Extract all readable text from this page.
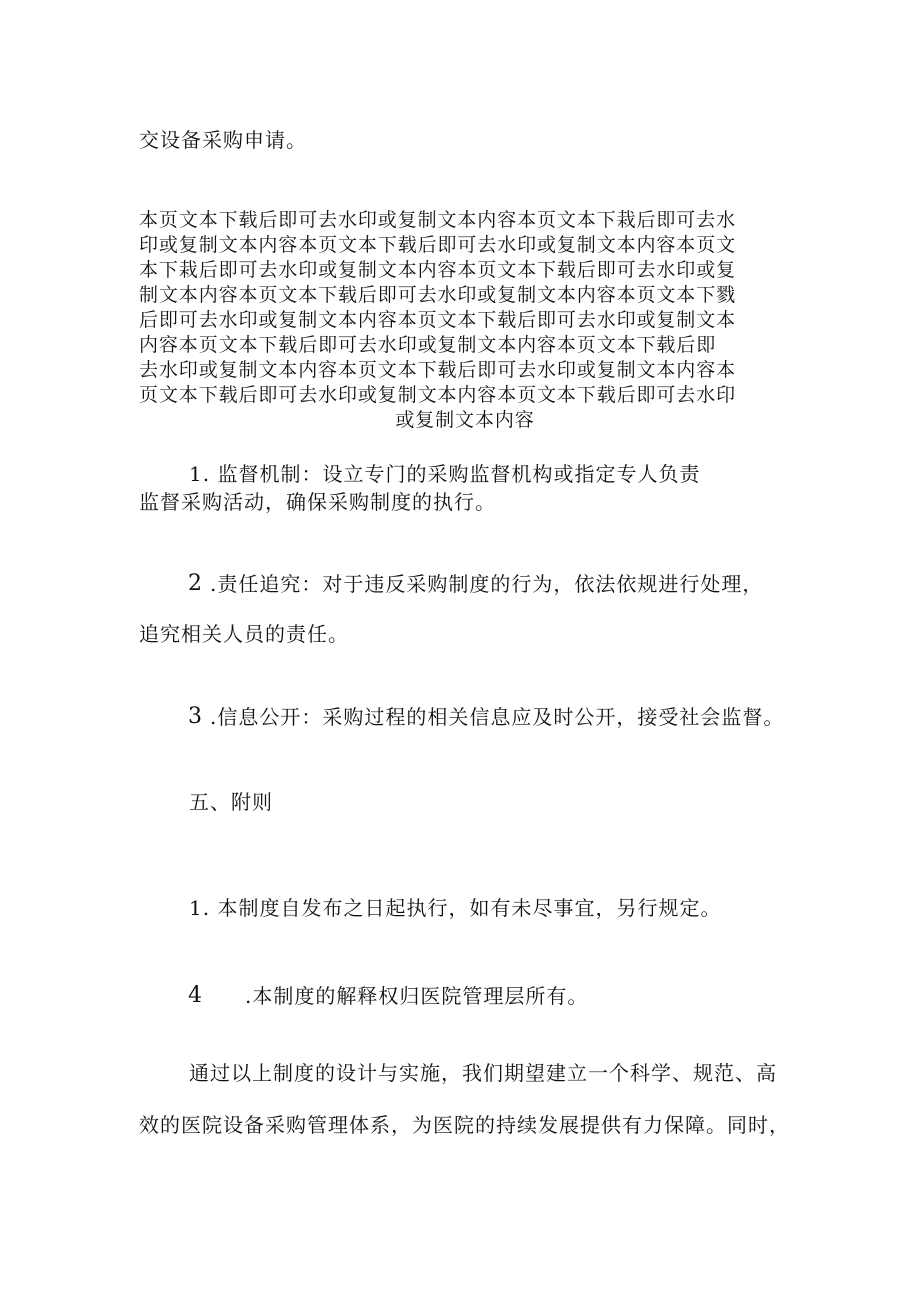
交设备采购申请。
本页文本下载后即可去水印或复制文本内容本页文本下栽后即可去水
印或复制文本内容本页文本下载后即可去水印或复制文本内容本页文
本下栽后即可去水印或复制文本内容本页文本下载后即可去水印或复
制文本内容本页文本下载后即可去水印或复制文本内容本页文本下戮
后即可去水印或复制文本内容本页文本下载后即可去水印或复制文本
内容本页文本下载后即可去水印或复制文本内容本页文本下载后即
去水印或复制文本内容本页文本下载后即可去水印或复制文本内容本
页文本下载后即可去水印或复制文本内容本页文本下载后即可去水印
或复制文本内容
1. 监督机制：设立专门的采购监督机构或指定专人负责
监督采购活动，确保采购制度的执行。
2 .责任追究：对于违反采购制度的行为，依法依规进行处理，
追究相关人员的责任。
3 .信息公开：采购过程的相关信息应及时公开，接受社会监督。
五、附则
1. 本制度自发布之日起执行，如有未尽事宜，另行规定。
4 .本制度的解释权归医院管理层所有。
通过以上制度的设计与实施，我们期望建立一个科学、规范、高
效的医院设备采购管理体系，为医院的持续发展提供有力保障。同时，
